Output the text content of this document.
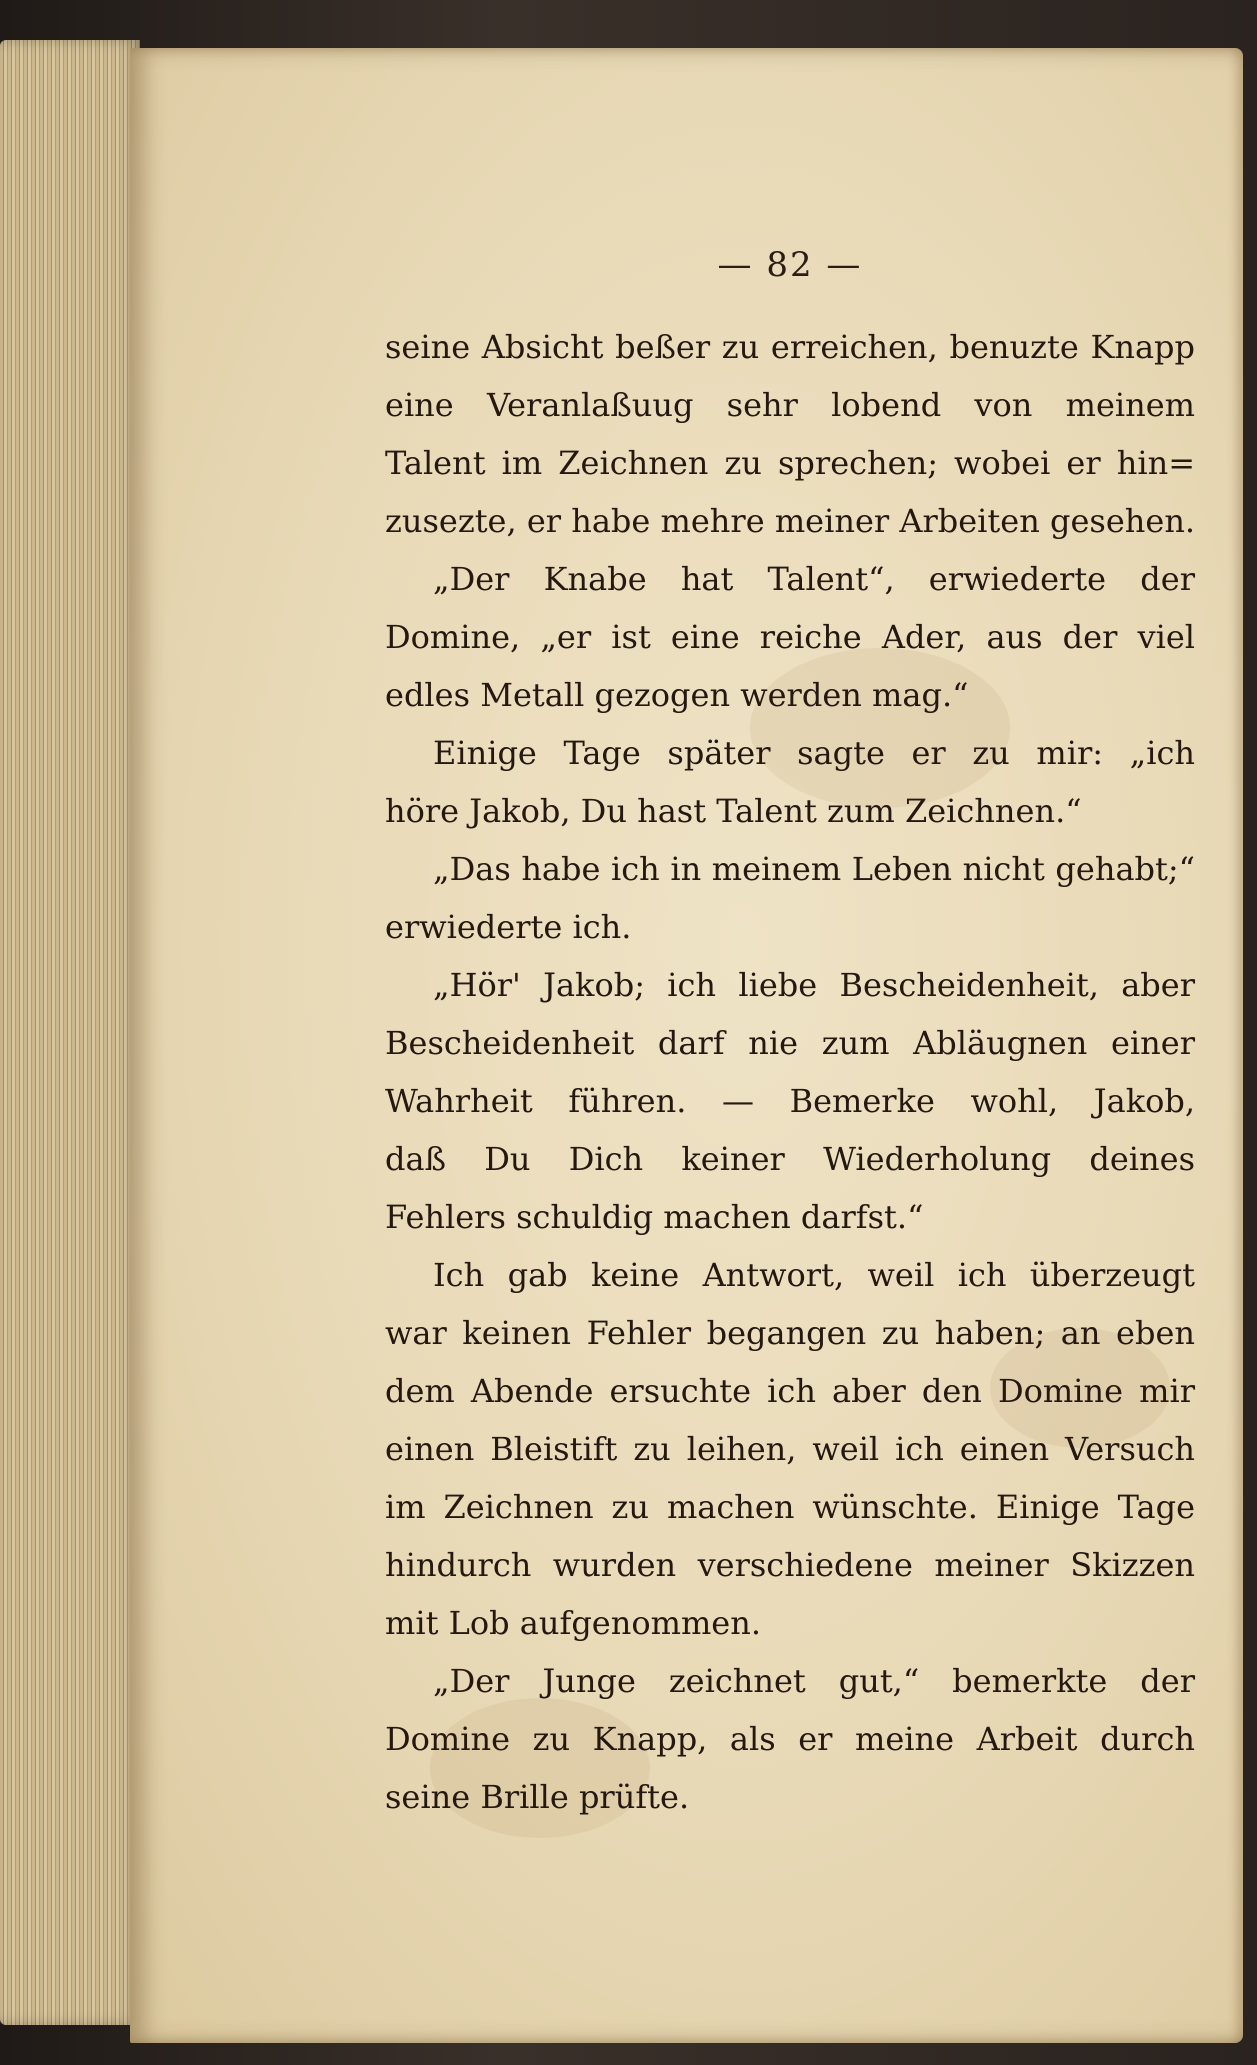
— 82 —
seine Absicht beßer zu erreichen, benuzte Knapp
eine Veranlaßuug sehr lobend von meinem
Talent im Zeichnen zu sprechen; wobei er hin=
zusezte, er habe mehre meiner Arbeiten gesehen.
„Der Knabe hat Talent“, erwiederte der
Domine, „er ist eine reiche Ader, aus der viel
edles Metall gezogen werden mag.“
Einige Tage später sagte er zu mir: „ich
höre Jakob, Du hast Talent zum Zeichnen.“
„Das habe ich in meinem Leben nicht gehabt;“
erwiederte ich.
„Hör' Jakob; ich liebe Bescheidenheit, aber
Bescheidenheit darf nie zum Abläugnen einer
Wahrheit führen. — Bemerke wohl, Jakob,
daß Du Dich keiner Wiederholung deines
Fehlers schuldig machen darfst.“
Ich gab keine Antwort, weil ich überzeugt
war keinen Fehler begangen zu haben; an eben
dem Abende ersuchte ich aber den Domine mir
einen Bleistift zu leihen, weil ich einen Versuch
im Zeichnen zu machen wünschte. Einige Tage
hindurch wurden verschiedene meiner Skizzen
mit Lob aufgenommen.
„Der Junge zeichnet gut,“ bemerkte der
Domine zu Knapp, als er meine Arbeit durch
seine Brille prüfte.
